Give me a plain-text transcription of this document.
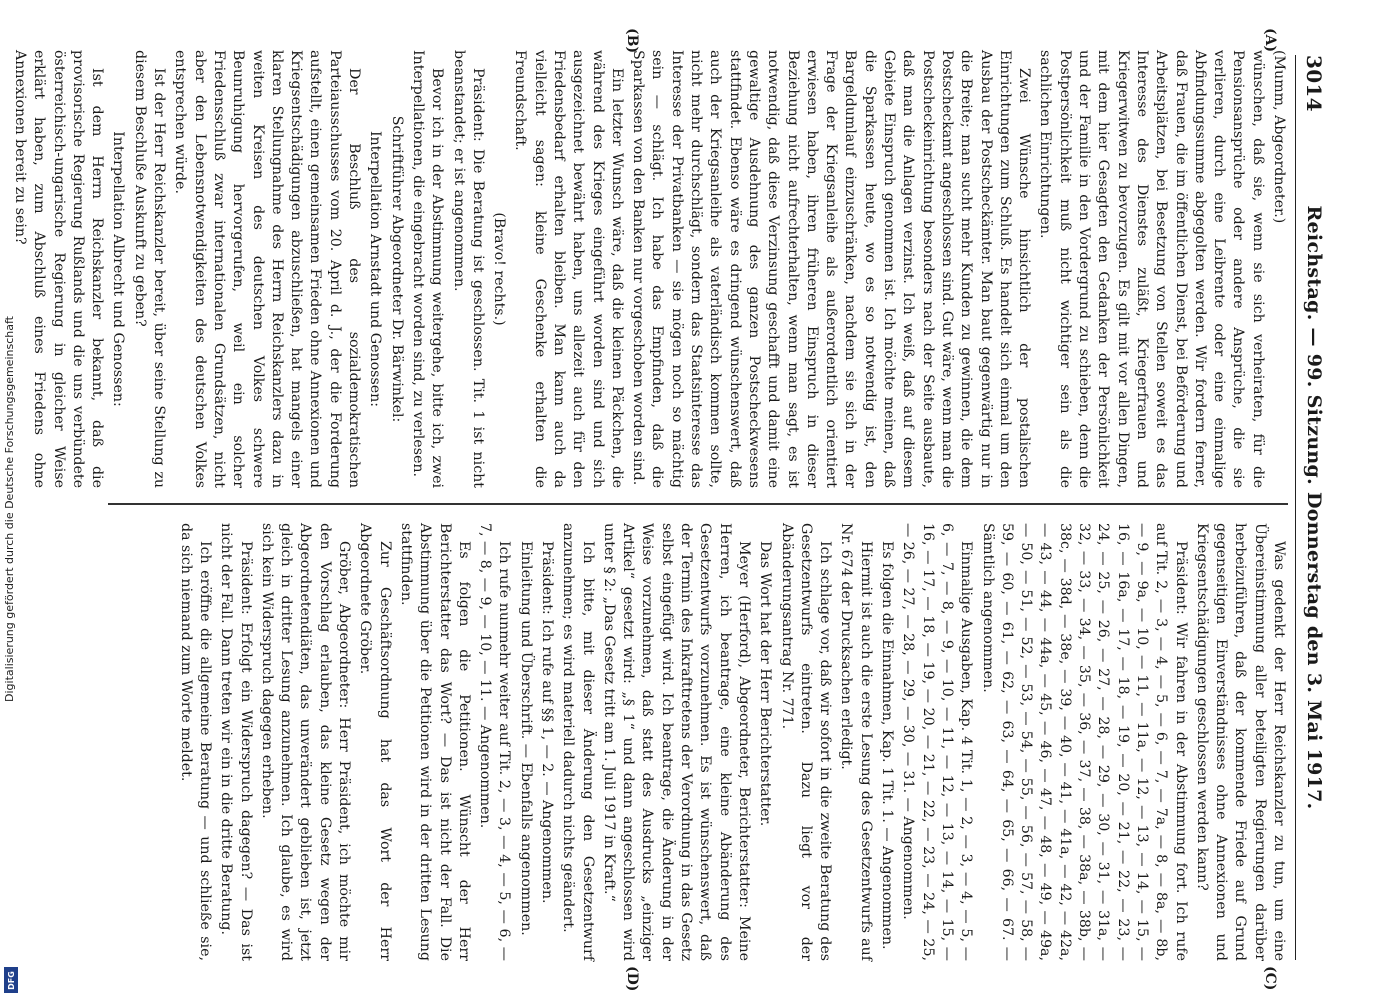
3014
Reichstag. — 99. Sitzung. Donnerstag den 3. Mai 1917.
(A)
(B)
(C)
(D)

(Mumm, Abgeordneter.)

wünschen, daß sie, wenn sie sich verheiraten, für die Pensionsansprüche oder andere Ansprüche, die sie verlieren, durch eine Leibrente oder eine einmalige Abfindungssumme abgegolten werden. Wir fordern ferner, daß Frauen, die im öffentlichen Dienst, bei Beförderung und Arbeitsplätzen, bei Besetzung von Stellen soweit es das Interesse des Dienstes zuläßt, Kriegerfrauen und Kriegerwitwen zu bevorzugen. Es gilt mit vor allen Dingen, mit dem hier Gesagten den Gedanken der Persönlichkeit und der Familie in den Vordergrund zu schieben, denn die Postpersönlichkeit muß nicht wichtiger sein als die sachlichen Einrichtungen.

Zwei Wünsche hinsichtlich der postalischen Einrichtungen zum Schluß. Es handelt sich einmal um den Ausbau der Postscheckämter. Man baut gegenwärtig nur in die Breite; man sucht mehr Kunden zu gewinnen, die dem Postscheckamt angeschlossen sind. Gut wäre, wenn man die Postscheckeinrichtung besonders nach der Seite ausbaute, daß man die Anlagen verzinst. Ich weiß, daß auf diesem Gebiete Einspruch genommen ist. Ich möchte meinen, daß die Sparkassen heute, wo es so notwendig ist, den Bargeldumlauf einzuschränken, nachdem sie sich in der Frage der Kriegsanleihe als außerordentlich orientiert erwiesen haben, ihren früheren Einspruch in dieser Beziehung nicht aufrechterhalten, wenn man sagt, es ist notwendig, daß diese Verzinsung geschafft und damit eine gewaltige Ausdehnung des ganzen Postscheckwesens stattfindet. Ebenso wäre es dringend wünschenswert, daß auch der Kriegsanleihe als vaterländisch kommen sollte, nicht mehr durchschlägt, sondern das Staatsinteresse das Interesse der Privatbanken — sie mögen noch so mächtig sein — schlägt. Ich habe das Empfinden, daß die Sparkassen von den Banken nur vorgeschoben worden sind.

Ein letzter Wunsch wäre, daß die kleinen Päckchen, die während des Krieges eingeführt worden sind und sich ausgezeichnet bewährt haben, uns allezeit auch für den Friedensbedarf erhalten bleiben. Man kann auch da vielleicht sagen: kleine Geschenke erhalten die Freundschaft.

(Bravo! rechts.)

Präsident: Die Beratung ist geschlossen. Tit. 1 ist nicht beanstandet; er ist angenommen.

Bevor ich in der Abstimmung weitergehe, bitte ich, zwei Interpellationen, die eingebracht worden sind, zu verlesen.

Schriftführer Abgeordneter Dr. Bärwinkel:

Interpellation Arnstadt und Genossen:

Der Beschluß des sozialdemokratischen Parteiausschusses vom 20. April d. J., der die Forderung aufstellt, einen gemeinsamen Frieden ohne Annexionen und Kriegsentschädigungen abzuschließen, hat mangels einer klaren Stellungnahme des Herrn Reichskanzlers dazu in weiten Kreisen des deutschen Volkes schwere Beunruhigung hervorgerufen, weil ein solcher Friedensschluß zwar internationalen Grundsätzen, nicht aber den Lebensnotwendigkeiten des deutschen Volkes entsprechen würde.

Ist der Herr Reichskanzler bereit, über seine Stellung zu diesem Beschluße Auskunft zu geben?

Interpellation Albrecht und Genossen:

Ist dem Herrn Reichskanzler bekannt, daß die provisorische Regierung Rußlands und die uns verbündete österreichisch-ungarische Regierung in gleicher Weise erklärt haben, zum Abschluß eines Friedens ohne Annexionen bereit zu sein?

Was gedenkt der Herr Reichskanzler zu tun, um eine Übereinstimmung aller beteiligten Regierungen darüber herbeizuführen, daß der kommende Friede auf Grund gegenseitigen Einverständnisses ohne Annexionen und Kriegsentschädigungen geschlossen werden kann?

Präsident: Wir fahren in der Abstimmung fort. Ich rufe auf Tit. 2, — 3, — 4, — 5, — 6, — 7, — 7a, — 8, — 8a, — 8b, — 9, — 9a, — 10, — 11, — 11a, — 12, — 13, — 14, — 15, — 16, — 16a, — 17, — 18, — 19, — 20, — 21, — 22, — 23, — 24, — 25, — 26, — 27, — 28, — 29, — 30, — 31, — 31a, — 32, — 33, — 34, — 35, — 36, — 37, — 38, — 38a, — 38b, — 38c, — 38d, — 38e, — 39, — 40, — 41, — 41a, — 42, — 42a, — 43, — 44, — 44a, — 45, — 46, — 47, — 48, — 49, — 49a, — 50, — 51, — 52, — 53, — 54, — 55, — 56, — 57, — 58, — 59, — 60, — 61, — 62, — 63, — 64, — 65, — 66, — 67. — Sämtlich angenommen.

Einmalige Ausgaben, Kap. 4 Tit. 1, — 2, — 3, — 4, — 5, — 6, — 7, — 8, — 9, — 10, — 11, — 12, — 13, — 14, — 15, — 16, — 17, — 18, — 19, — 20, — 21, — 22, — 23, — 24, — 25, — 26, — 27, — 28, — 29, — 30, — 31. — Angenommen.

Es folgen die Einnahmen, Kap. 1 Tit. 1. — Angenommen.

Hiermit ist auch die erste Lesung des Gesetzentwurfs auf Nr. 674 der Drucksachen erledigt.

Ich schlage vor, daß wir sofort in die zweite Beratung des Gesetzentwurfs eintreten. Dazu liegt vor der Abänderungsantrag Nr. 771.

Das Wort hat der Herr Berichterstatter.

Meyer (Herford), Abgeordneter, Berichterstatter: Meine Herren, ich beantrage, eine kleine Abänderung des Gesetzentwurfs vorzunehmen. Es ist wünschenswert, daß der Termin des Inkrafttretens der Verordnung in das Gesetz selbst eingefügt wird. Ich beantrage, die Änderung in der Weise vorzunehmen, daß statt des Ausdrucks „einziger Artikel“ gesetzt wird: „§ 1“ und dann angeschlossen wird unter § 2: „Das Gesetz tritt am 1. Juli 1917 in Kraft.“

Ich bitte, mit dieser Änderung den Gesetzentwurf anzunehmen; es wird materiell dadurch nichts geändert.

Präsident: Ich rufe auf §§ 1, — 2. — Angenommen.

Einleitung und Überschrift. — Ebenfalls angenommen.

Ich rufe nunmehr weiter auf Tit. 2, — 3, — 4, — 5, — 6, — 7, — 8, — 9, — 10, — 11. — Angenommen.

Es folgen die Petitionen. Wünscht der Herr Berichterstatter das Wort? — Das ist nicht der Fall. Die Abstimmung über die Petitionen wird in der dritten Lesung stattfinden.

Zur Geschäftsordnung hat das Wort der Herr Abgeordnete Gröber.

Gröber, Abgeordneter: Herr Präsident, ich möchte mir den Vorschlag erlauben, das kleine Gesetz wegen der Abgeordnetendiäten, das unverändert geblieben ist, jetzt gleich in dritter Lesung anzunehmen. Ich glaube, es wird sich kein Widerspruch dagegen erheben.

Präsident: Erfolgt ein Widerspruch dagegen? — Das ist nicht der Fall. Dann treten wir ein in die dritte Beratung.

Ich eröffne die allgemeine Beratung — und schließe sie, da sich niemand zum Worte meldet.

Digitalisierung gefördert durch die Deutsche Forschungsgemeinschaft
DFG
